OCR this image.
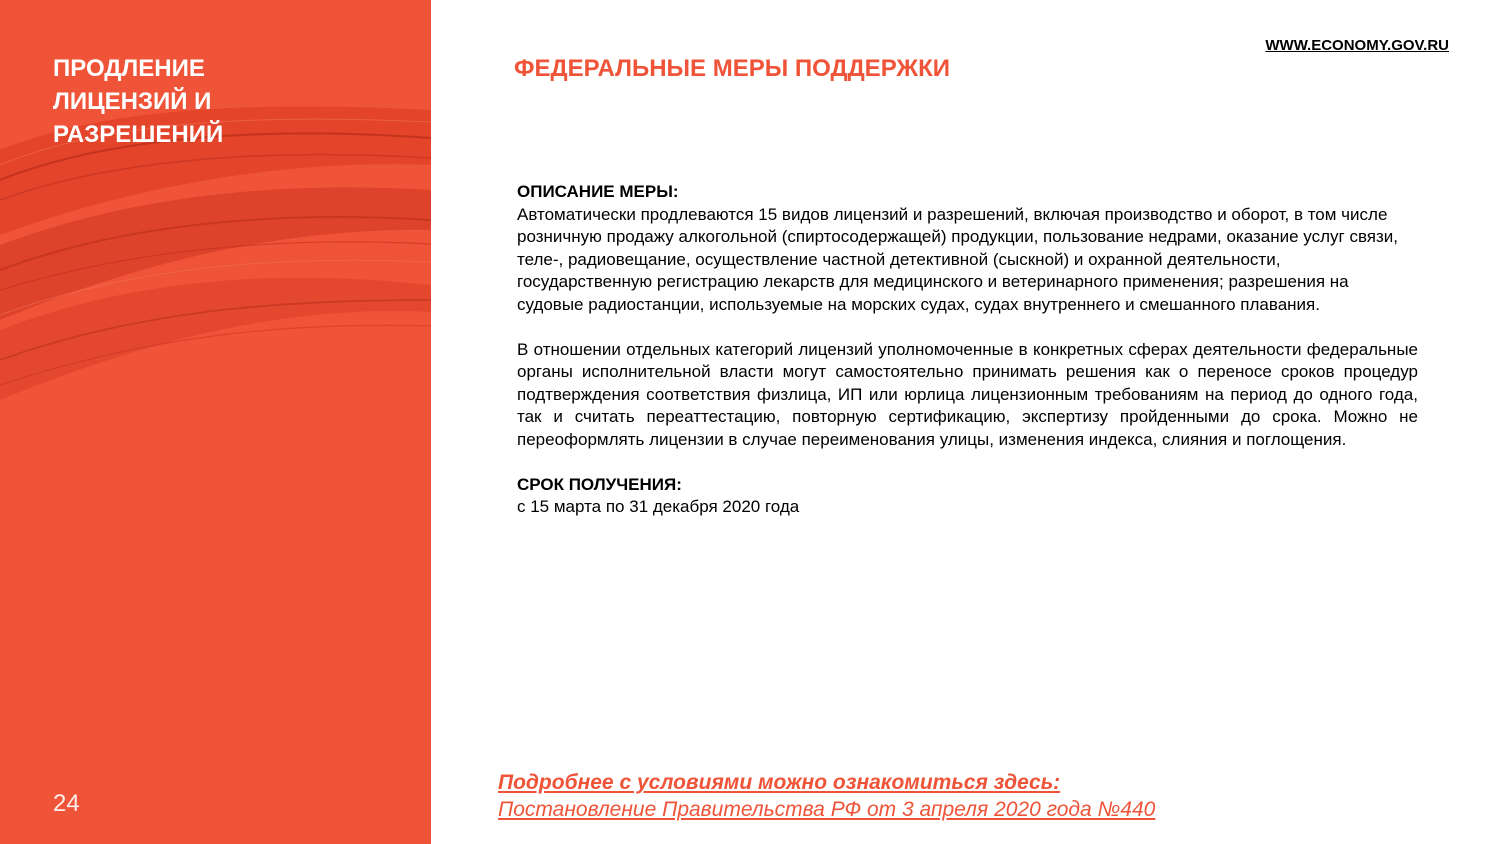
ПРОДЛЕНИЕ
ЛИЦЕНЗИЙ И
РАЗРЕШЕНИЙ
24
WWW.ECONOMY.GOV.RU
ФЕДЕРАЛЬНЫЕ МЕРЫ ПОДДЕРЖКИ

ОПИСАНИЕ МЕРЫ:

Автоматически продлеваются 15 видов лицензий и разрешений, включая производство и оборот, в том числе розничную продажу алкогольной (спиртосодержащей) продукции, пользование недрами, оказание услуг связи, теле-, радиовещание, осуществление частной детективной (сыскной) и охранной деятельности, государственную регистрацию лекарств для медицинского и ветеринарного применения; разрешения на судовые радиостанции, используемые на морских судах, судах внутреннего и смешанного плавания.

В отношении отдельных категорий лицензий уполномоченные в конкретных сферах деятельности федеральные органы исполнительной власти могут самостоятельно принимать решения как о переносе сроков процедур подтверждения соответствия физлица, ИП или юрлица лицензионным требованиям на период до одного года, так и считать переаттестацию, повторную сертификацию, экспертизу пройденными до срока. Можно не переоформлять лицензии в случае переименования улицы, изменения индекса, слияния и поглощения.

СРОК ПОЛУЧЕНИЯ:

с 15 марта по 31 декабря 2020 года

Подробнее с условиями можно ознакомиться здесь:
Постановление Правительства РФ от 3 апреля 2020 года №440
